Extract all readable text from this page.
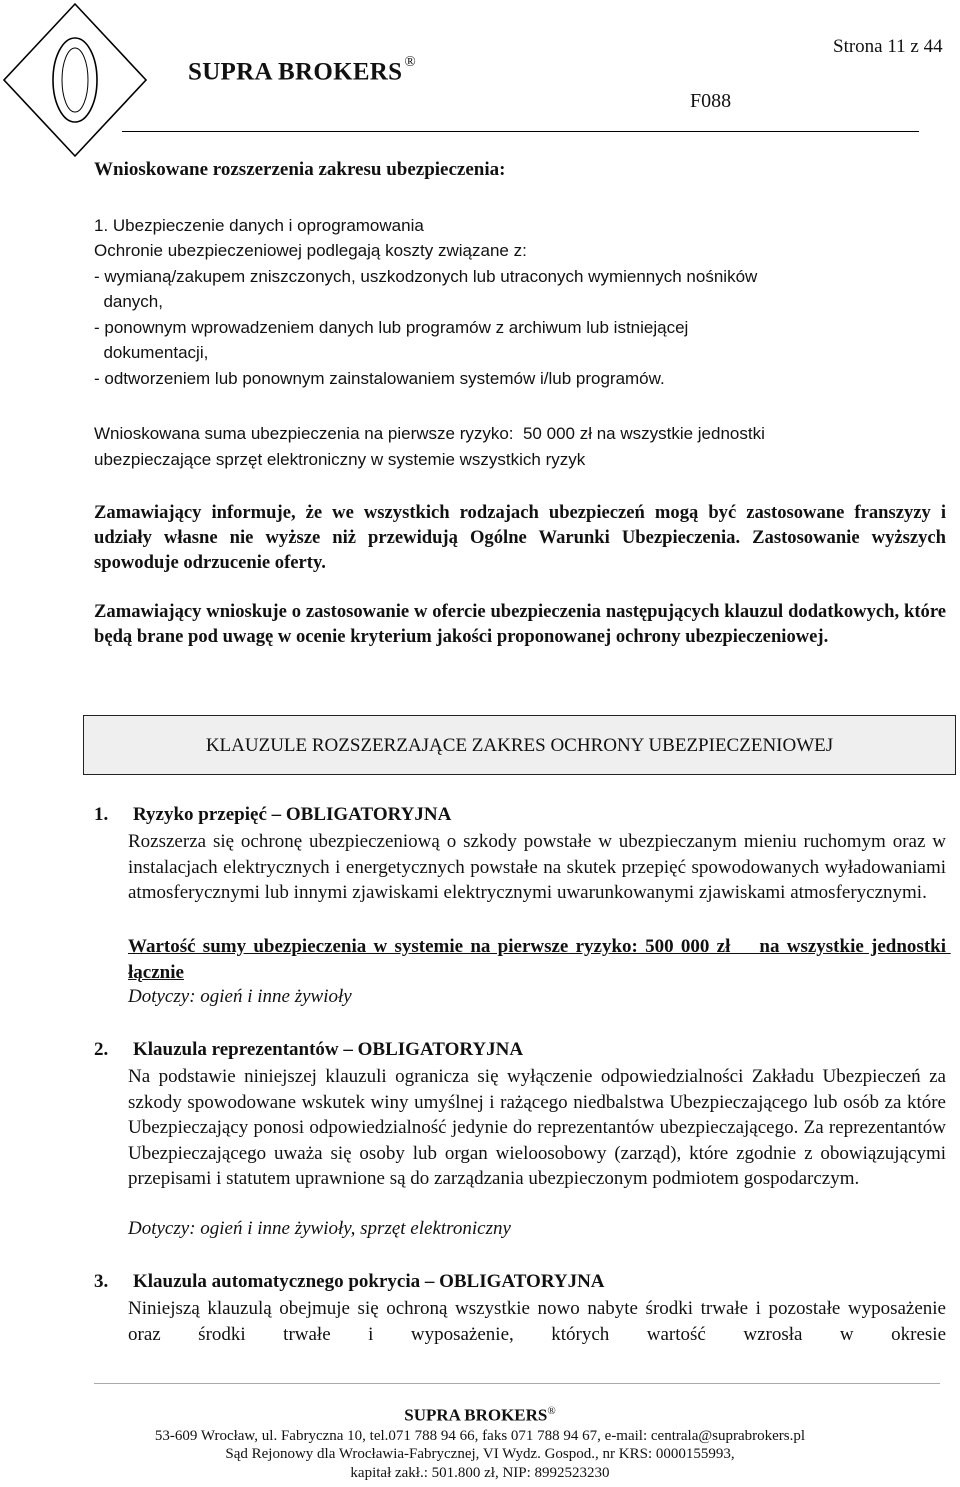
SUPRA BROKERS ®
Strona 11 z 44
F088
Wnioskowane rozszerzenia zakresu ubezpieczenia:
1. Ubezpieczenie danych i oprogramowania
Ochronie ubezpieczeniowej podlegają koszty związane z:
- wymianą/zakupem zniszczonych, uszkodzonych lub utraconych wymiennych nośników
danych,
- ponownym wprowadzeniem danych lub programów z archiwum lub istniejącej
dokumentacji,
- odtworzeniem lub ponownym zainstalowaniem systemów i/lub programów.
Wnioskowana suma ubezpieczenia na pierwsze ryzyko:  50 000 zł na wszystkie jednostki
ubezpieczające sprzęt elektroniczny w systemie wszystkich ryzyk
Zamawiający informuje, że we wszystkich rodzajach ubezpieczeń mogą być zastosowane franszyzy i udziały własne nie wyższe niż przewidują Ogólne Warunki Ubezpieczenia. Zastosowanie wyższych spowoduje odrzucenie oferty.
Zamawiający wnioskuje o zastosowanie w ofercie ubezpieczenia następujących klauzul dodatkowych, które będą brane pod uwagę w ocenie kryterium jakości proponowanej ochrony ubezpieczeniowej.
KLAUZULE ROZSZERZAJĄCE ZAKRES OCHRONY UBEZPIECZENIOWEJ
1. Ryzyko przepięć – OBLIGATORYJNA
Rozszerza się ochronę ubezpieczeniową o szkody powstałe w ubezpieczanym mieniu ruchomym oraz w instalacjach elektrycznych i energetycznych powstałe na skutek przepięć spowodowanych wyładowaniami atmosferycznymi lub innymi zjawiskami elektrycznymi uwarunkowanymi zjawiskami atmosferycznymi.
Wartość sumy ubezpieczenia w systemie na pierwsze ryzyko: 500 000 zł    na wszystkie jednostki łącznie
Dotyczy: ogień i inne żywioły
2. Klauzula reprezentantów – OBLIGATORYJNA
Na podstawie niniejszej klauzuli ogranicza się wyłączenie odpowiedzialności Zakładu Ubezpieczeń za szkody spowodowane wskutek winy umyślnej i rażącego niedbalstwa Ubezpieczającego lub osób za które Ubezpieczający ponosi odpowiedzialność jedynie do reprezentantów ubezpieczającego. Za reprezentantów Ubezpieczającego uważa się osoby lub organ wieloosobowy (zarząd), które zgodnie z obowiązującymi przepisami i statutem uprawnione są do zarządzania ubezpieczonym podmiotem gospodarczym.
Dotyczy: ogień i inne żywioły, sprzęt elektroniczny
3. Klauzula automatycznego pokrycia – OBLIGATORYJNA
Niniejszą klauzulą obejmuje się ochroną wszystkie nowo nabyte środki trwałe i pozostałe wyposażenie oraz środki trwałe i wyposażenie, których wartość wzrosła w okresie
SUPRA BROKERS®
53-609 Wrocław, ul. Fabryczna 10, tel.071 788 94 66, faks 071 788 94 67, e-mail: centrala@suprabrokers.pl
Sąd Rejonowy dla Wrocławia-Fabrycznej, VI Wydz. Gospod., nr KRS: 0000155993,
kapitał zakł.: 501.800 zł, NIP: 8992523230
